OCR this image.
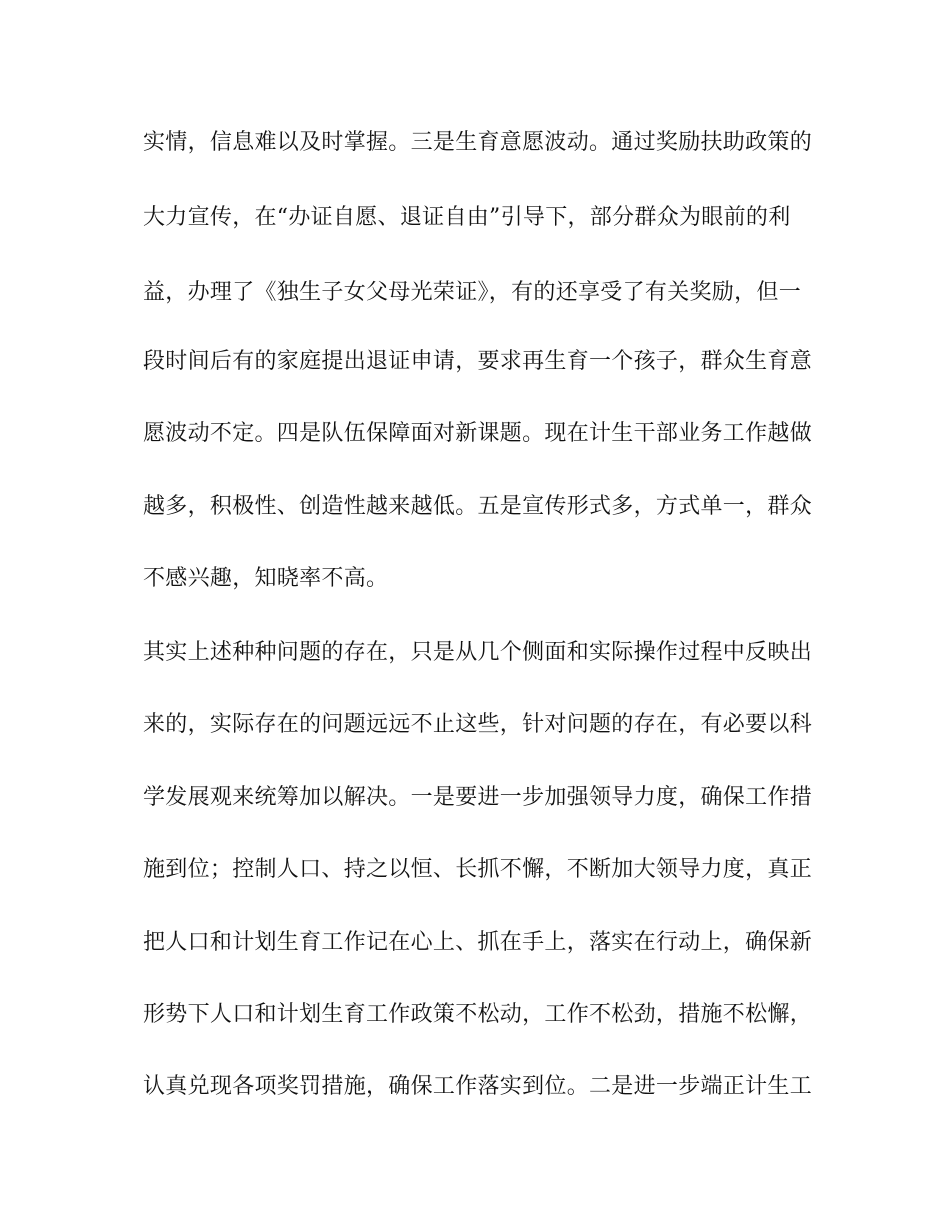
实情，信息难以及时掌握。三是生育意愿波动。通过奖励扶助政策的
大力宣传，在“办证自愿、退证自由”引导下，部分群众为眼前的利
益，办理了《独生子女父母光荣证》，有的还享受了有关奖励，但一
段时间后有的家庭提出退证申请，要求再生育一个孩子，群众生育意
愿波动不定。四是队伍保障面对新课题。现在计生干部业务工作越做
越多，积极性、创造性越来越低。五是宣传形式多，方式单一，群众
不感兴趣，知晓率不高。
其实上述种种问题的存在，只是从几个侧面和实际操作过程中反映出
来的，实际存在的问题远远不止这些，针对问题的存在，有必要以科
学发展观来统筹加以解决。一是要进一步加强领导力度，确保工作措
施到位；控制人口、持之以恒、长抓不懈，不断加大领导力度，真正
把人口和计划生育工作记在心上、抓在手上，落实在行动上，确保新
形势下人口和计划生育工作政策不松动，工作不松劲，措施不松懈，
认真兑现各项奖罚措施，确保工作落实到位。二是进一步端正计生工
